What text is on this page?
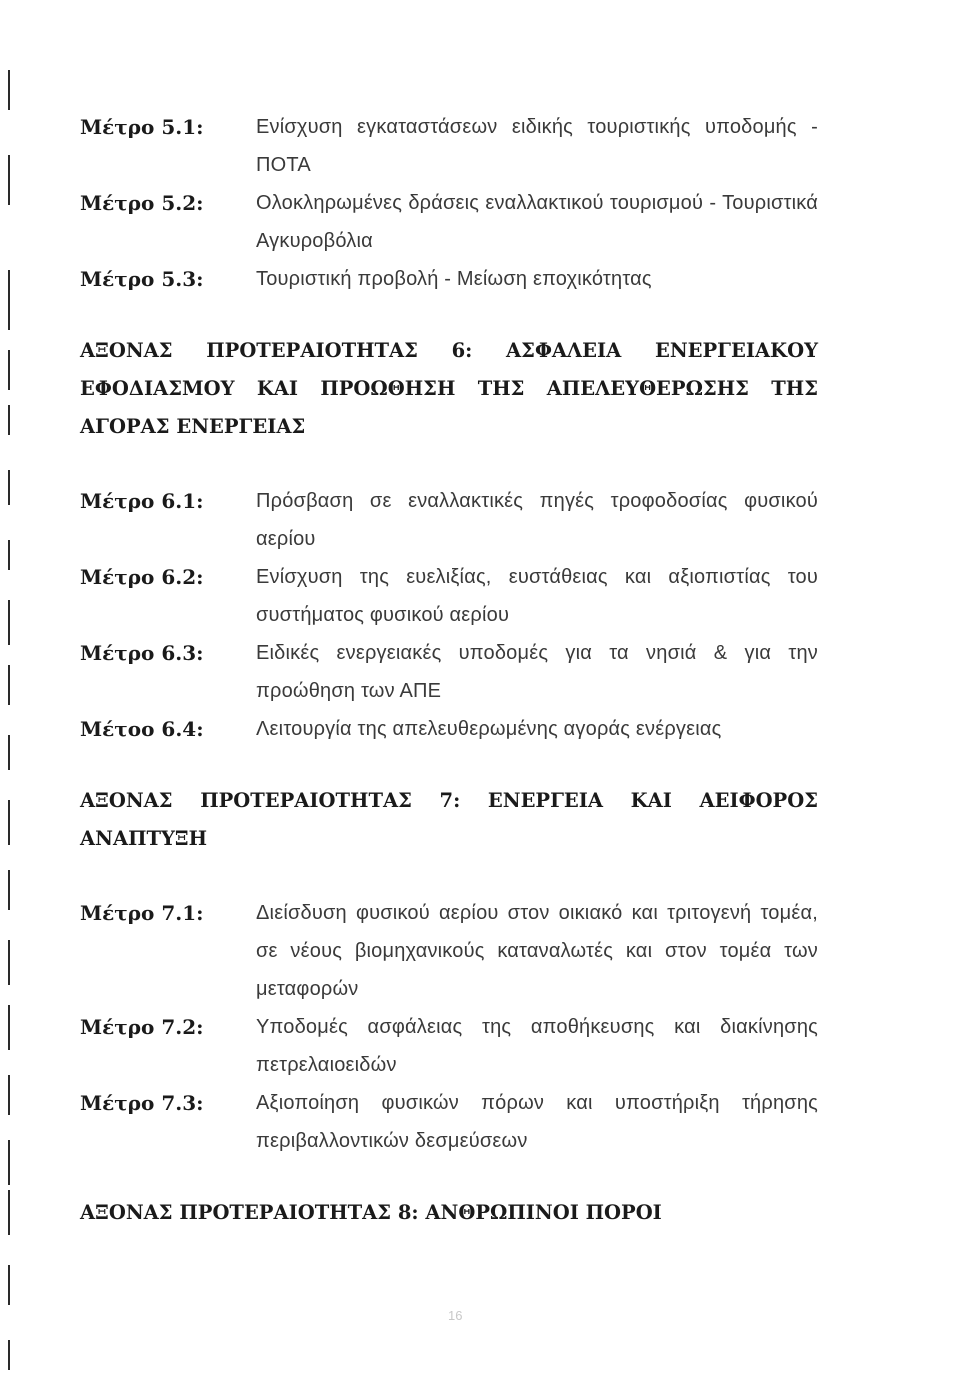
Μέτρο 5.1:	Ενίσχυση εγκαταστάσεων ειδικής τουριστικής υποδομής - ΠΟΤΑ
Μέτρο 5.2:	Ολοκληρωμένες δράσεις εναλλακτικού τουρισμού - Τουριστικά Αγκυροβόλια
Μέτρο 5.3:	Τουριστική προβολή - Μείωση εποχικότητας
ΑΞΟΝΑΣ ΠΡΟΤΕΡΑΙΟΤΗΤΑΣ 6: ΑΣΦΑΛΕΙΑ ΕΝΕΡΓΕΙΑΚΟΥ ΕΦΟΔΙΑΣΜΟΥ ΚΑΙ ΠΡΟΩΘΗΣΗ ΤΗΣ ΑΠΕΛΕΥΘΕΡΩΣΗΣ ΤΗΣ ΑΓΟΡΑΣ ΕΝΕΡΓΕΙΑΣ
Μέτρο 6.1:	Πρόσβαση σε εναλλακτικές πηγές τροφοδοσίας φυσικού αερίου
Μέτρο 6.2:	Ενίσχυση της ευελιξίας, ευστάθειας και αξιοπιστίας του συστήματος φυσικού αερίου
Μέτρο 6.3:	Ειδικές ενεργειακές υποδομές για τα νησιά & για την προώθηση των ΑΠΕ
Μέτοο 6.4:	Λειτουργία της απελευθερωμένης αγοράς ενέργειας
ΑΞΟΝΑΣ ΠΡΟΤΕΡΑΙΟΤΗΤΑΣ 7: ΕΝΕΡΓΕΙΑ ΚΑΙ ΑΕΙΦΟΡΟΣ ΑΝΑΠΤΥΞΗ
Μέτρο 7.1:	Διείσδυση φυσικού αερίου στον οικιακό και τριτογενή τομέα, σε νέους βιομηχανικούς καταναλωτές και στον τομέα των μεταφορών
Μέτρο 7.2:	Υποδομές ασφάλειας της αποθήκευσης και διακίνησης πετρελαιοειδών
Μέτρο 7.3:	Αξιοποίηση φυσικών πόρων και υποστήριξη τήρησης περιβαλλοντικών δεσμεύσεων
ΑΞΟΝΑΣ ΠΡΟΤΕΡΑΙΟΤΗΤΑΣ 8: ΑΝΘΡΩΠΙΝΟΙ ΠΟΡΟΙ
16
